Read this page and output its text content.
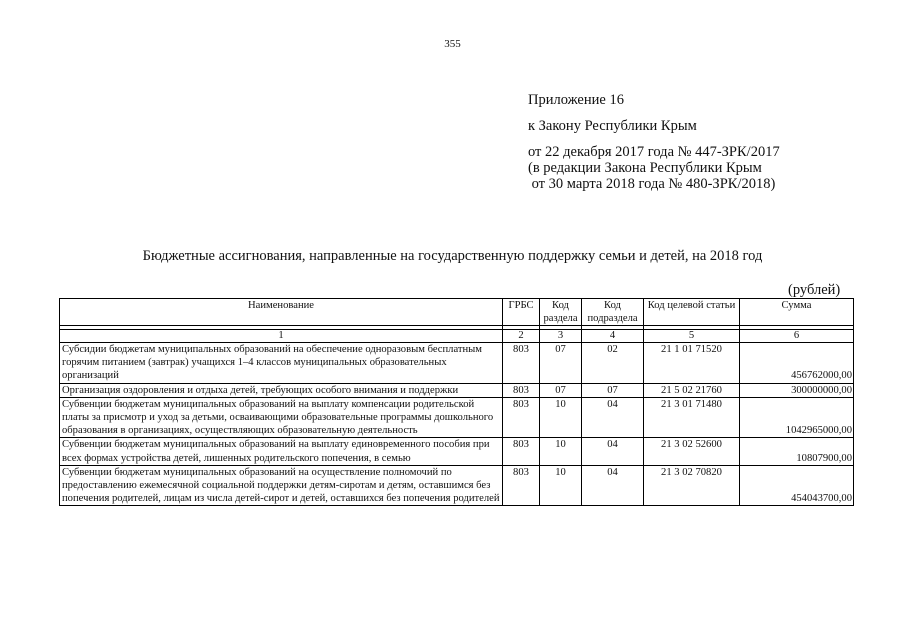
355
Приложение 16
к Закону Республики Крым
от 22 декабря 2017 года № 447-ЗРК/2017
(в редакции Закона Республики Крым
от 30 марта 2018 года № 480-ЗРК/2018)
Бюджетные ассигнования, направленные на государственную поддержку семьи и детей, на 2018 год
(рублей)
Наименование	ГРБС	Код раздела	Код подраздела	Код целевой статьи	Сумма

1	2	3	4	5	6
Субсидии бюджетам муниципальных образований на обеспечение одноразовым бесплатным горячим питанием (завтрак) учащихся 1–4 классов муниципальных образовательных организаций	803	07	02	21 1 01 71520	456762000,00
Организация оздоровления и отдыха детей, требующих особого внимания и поддержки	803	07	07	21 5 02 21760	300000000,00
Субвенции бюджетам муниципальных образований на выплату компенсации родительской платы за присмотр и уход за детьми, осваивающими образовательные программы дошкольного образования в организациях, осуществляющих образовательную деятельность	803	10	04	21 3 01 71480	1042965000,00
Субвенции бюджетам муниципальных образований на выплату единовременного пособия при всех формах устройства детей, лишенных родительского попечения, в семью	803	10	04	21 3 02 52600	10807900,00
Субвенции бюджетам муниципальных образований на осуществление полномочий по предоставлению ежемесячной социальной поддержки детям-сиротам и детям, оставшимся без попечения родителей, лицам из числа детей-сирот и детей, оставшихся без попечения родителей	803	10	04	21 3 02 70820	454043700,00
